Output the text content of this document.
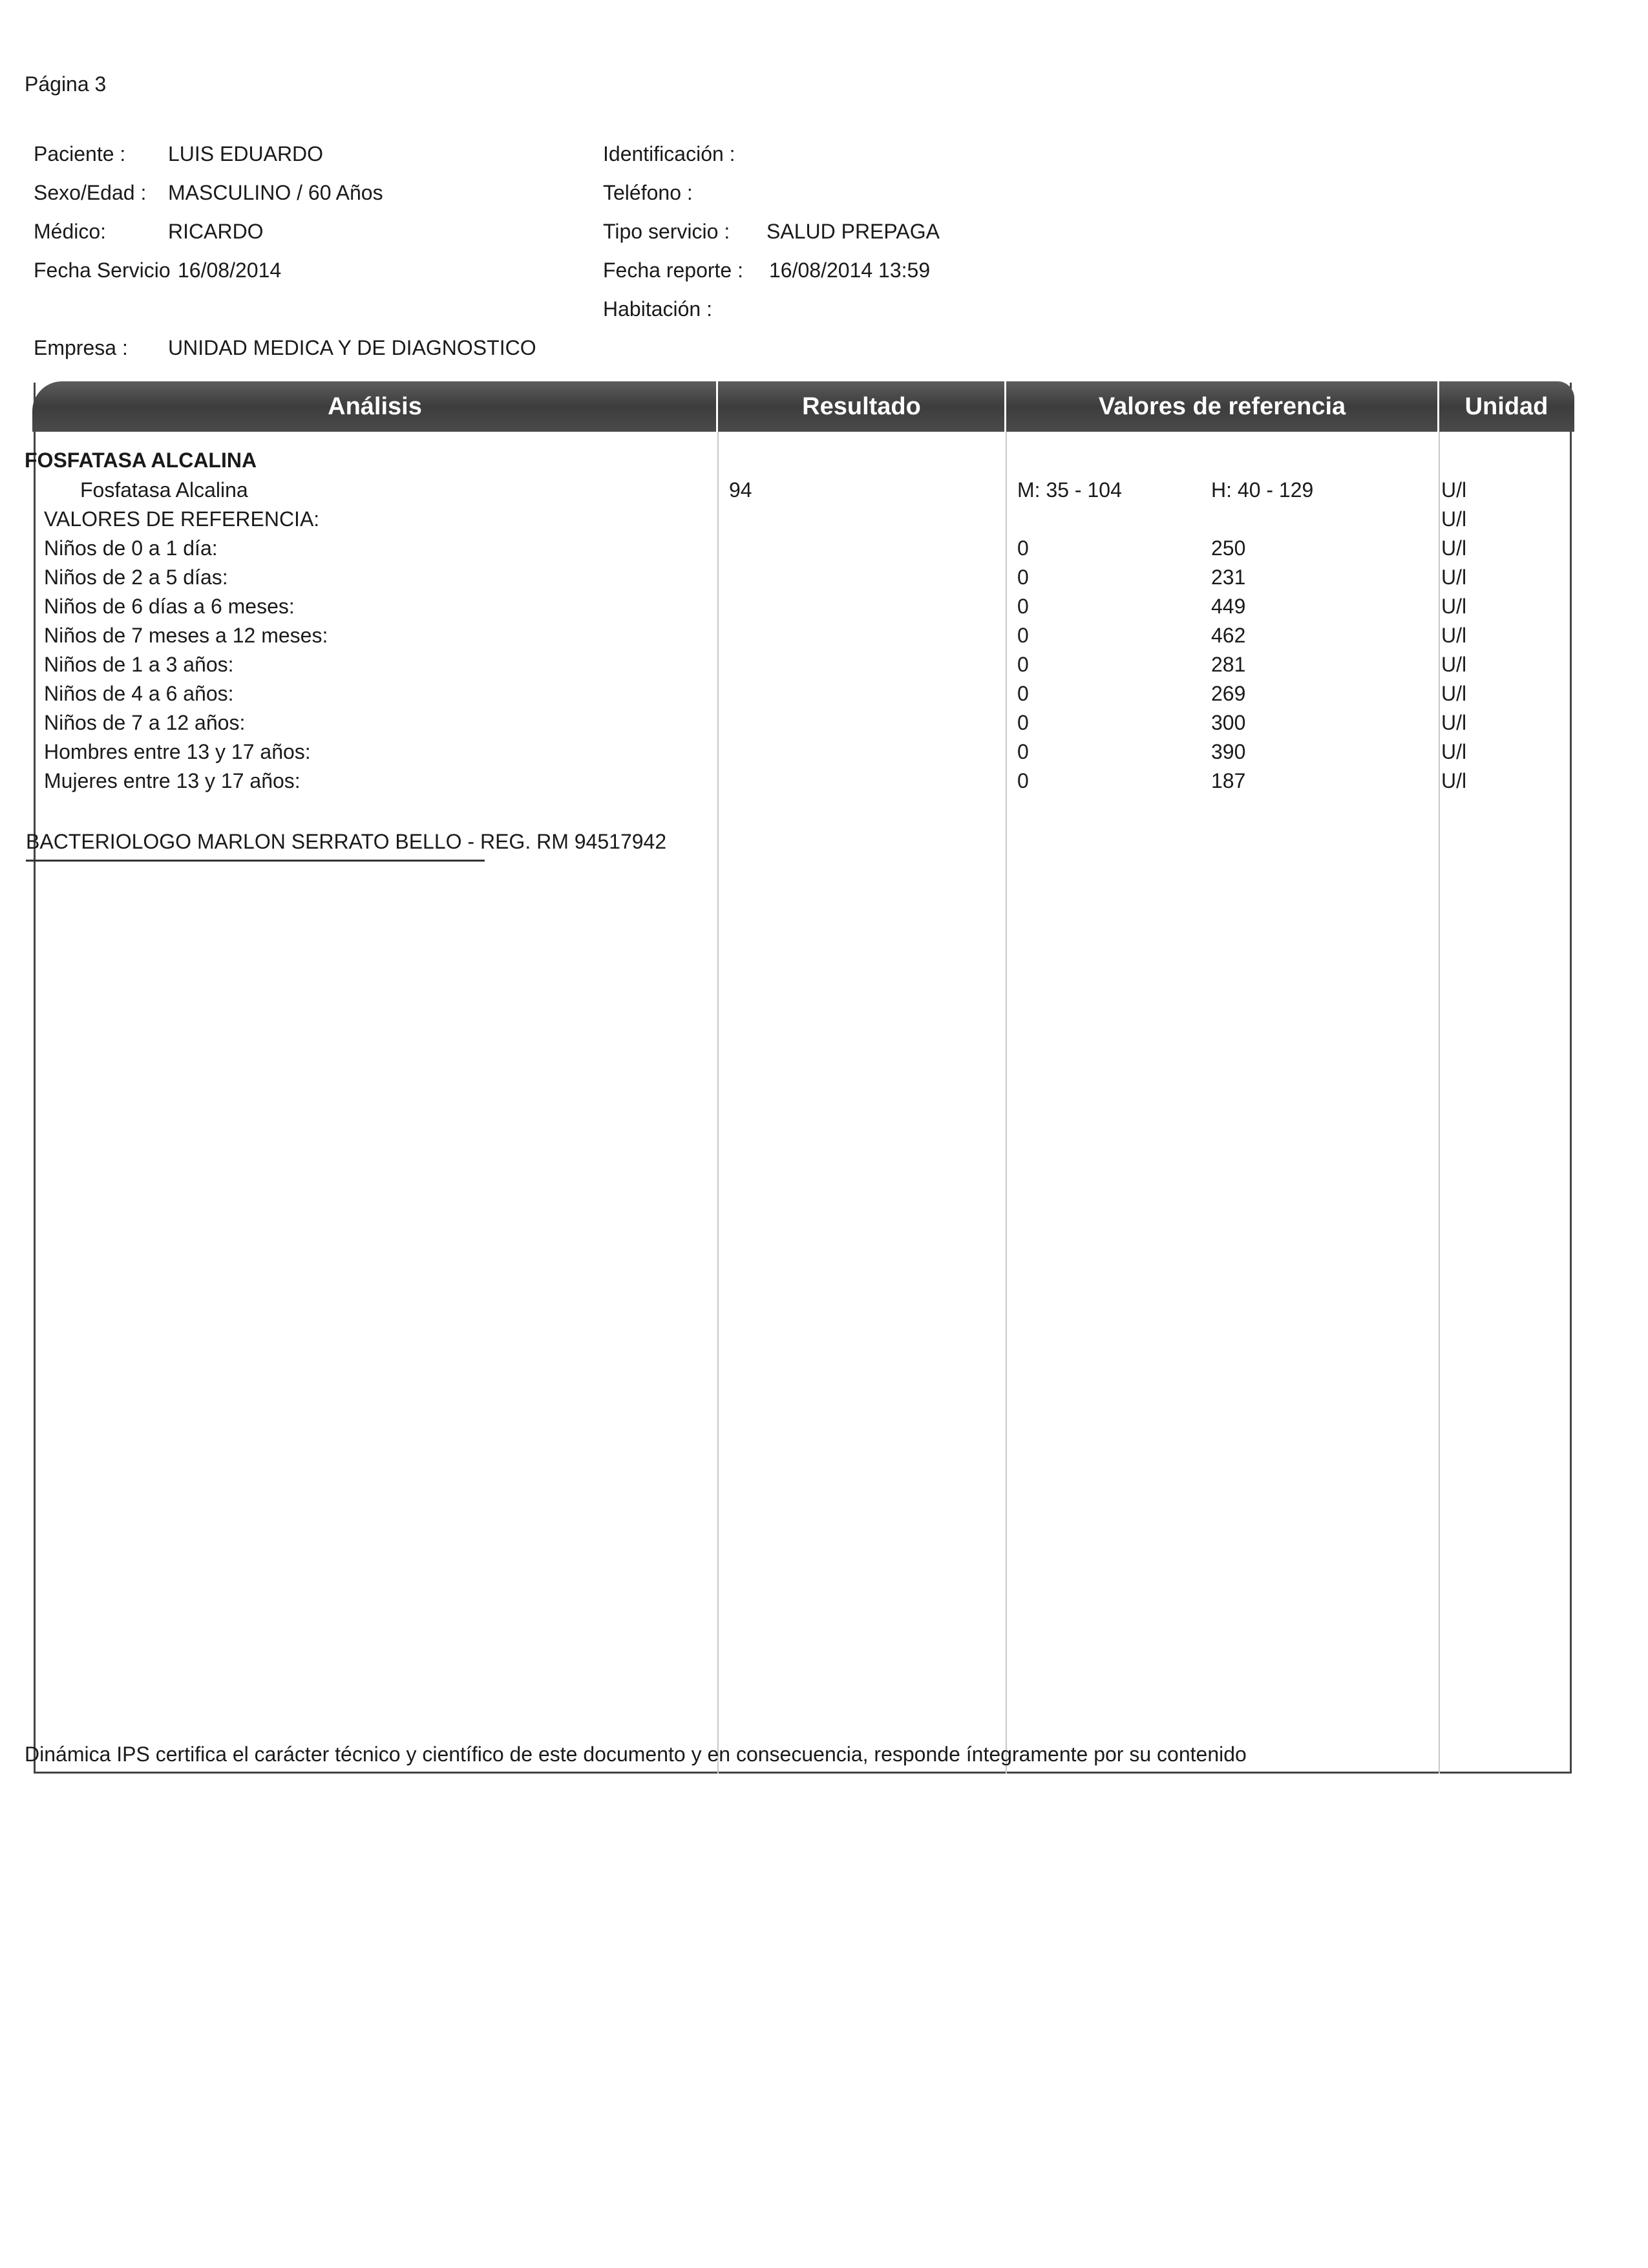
Página 3
Paciente : LUIS EDUARDO
Sexo/Edad : MASCULINO / 60 Años
Médico:	RICARDO
Fecha Servicio 16/08/2014
Empresa : UNIDAD MEDICA Y DE DIAGNOSTICO
Identificación :
Teléfono :
Tipo servicio : SALUD PREPAGA
Fecha reporte : 16/08/2014 13:59
Habitación :
Análisis	Resultado	Valores de referencia	Unidad
FOSFATASA ALCALINA
Fosfatasa Alcalina	94	M: 35 - 104	H: 40 - 129	U/l
VALORES DE REFERENCIA:	U/l
Niños de 0 a 1 día:	0	250	U/l
Niños de 2 a 5 días:	0	231	U/l
Niños de 6 días a 6 meses:	0	449	U/l
Niños de 7 meses a 12 meses:	0	462	U/l
Niños de 1 a 3 años:	0	281	U/l
Niños de 4 a 6 años:	0	269	U/l
Niños de 7 a 12 años:	0	300	U/l
Hombres entre 13 y 17 años:	0	390	U/l
Mujeres entre 13 y 17 años:	0	187	U/l
BACTERIOLOGO MARLON SERRATO BELLO - REG. RM 94517942
Dinámica IPS certifica el carácter técnico y científico de este documento y en consecuencia, responde íntegramente por su contenido
